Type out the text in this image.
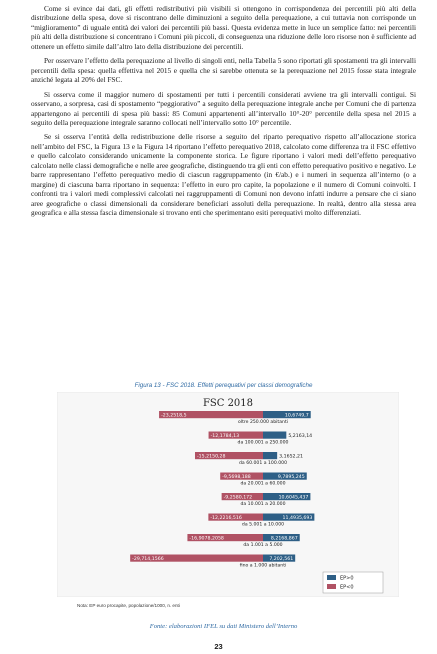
Come si evince dai dati, gli effetti redistributivi più visibili si ottengono in corrispondenza dei percentili più alti della distribuzione della spesa, dove si riscontrano delle diminuzioni a seguito della perequazione, a cui tuttavia non corrisponde un “miglioramento” di uguale entità dei valori dei percentili più bassi. Questa evidenza mette in luce un semplice fatto: nei percentili più alti della distribuzione si concentrano i Comuni più piccoli, di conseguenza una riduzione delle loro risorse non è sufficiente ad ottenere un effetto simile dall’altro lato della distribuzione dei percentili.

Per osservare l’effetto della perequazione al livello di singoli enti, nella Tabella 5 sono riportati gli spostamenti tra gli intervalli percentili della spesa: quella effettiva nel 2015 e quella che si sarebbe ottenuta se la perequazione nel 2015 fosse stata integrale anziché legata al 20% del FSC.

Si osserva come il maggior numero di spostamenti per tutti i percentili considerati avviene tra gli intervalli contigui. Si osservano, a sorpresa, casi di spostamento “peggiorativo” a seguito della perequazione integrale anche per Comuni che di partenza appartengono ai percentili di spesa più bassi: 85 Comuni appartenenti all’intervallo 10°-20° percentile della spesa nel 2015 a seguito della perequazione integrale saranno collocati nell’intervallo sotto 10° percentile.

Se si osserva l’entità della redistribuzione delle risorse a seguito del riparto perequativo rispetto all’allocazione storica nell’ambito del FSC, la Figura 13 e la Figura 14 riportano l’effetto perequativo 2018, calcolato come differenza tra il FSC effettivo e quello calcolato considerando unicamente la componente storica. Le figure riportano i valori medi dell’effetto perequativo calcolato nelle classi demografiche e nelle aree geografiche, distinguendo tra gli enti con effetto perequativo positivo e negativo. Le barre rappresentano l’effetto perequativo medio di ciascun raggruppamento (in €/ab.) e i numeri in sequenza all’interno (o a margine) di ciascuna barra riportano in sequenza: l’effetto in euro pro capite, la popolazione e il numero di Comuni coinvolti. I confronti tra i valori medi complessivi calcolati nei raggruppamenti di Comuni non devono infatti indurre a pensare che ci siano aree geografiche o classi dimensionali da considerare beneficiari assoluti della perequazione. In realtà, dentro alla stessa area geografica e alla stessa fascia dimensionale si trovano enti che sperimentano esiti perequativi molto differenziati.

Figura 13 - FSC 2018. Effetti perequativi per classi demografiche
FSC 2018
-23,2518,5	10,6749,7
oltre 250.000 abitanti
-12,1784,13	5,2163,14
da 100.001 a 250.000
-15,2150,28	3,1652,21
da 60.001 a 100.000
-9,5698,188	9,7895,245
da 20.001 a 60.000
-9,2580,172	10,6045,437
da 10.001 a 20.000
-12,2216,516	11,4935,693
da 5.001 a 10.000
-16,9078,2058	8,2168,867
da 1.001 a 5.000
-29,714,1566	7,202,561
fino a 1.000 abitanti
EP>0
EP<0
Nota: EP euro procapite, popolazione/1000, n. enti
Fonte: elaborazioni IFEL su dati Ministero dell’Interno
23
